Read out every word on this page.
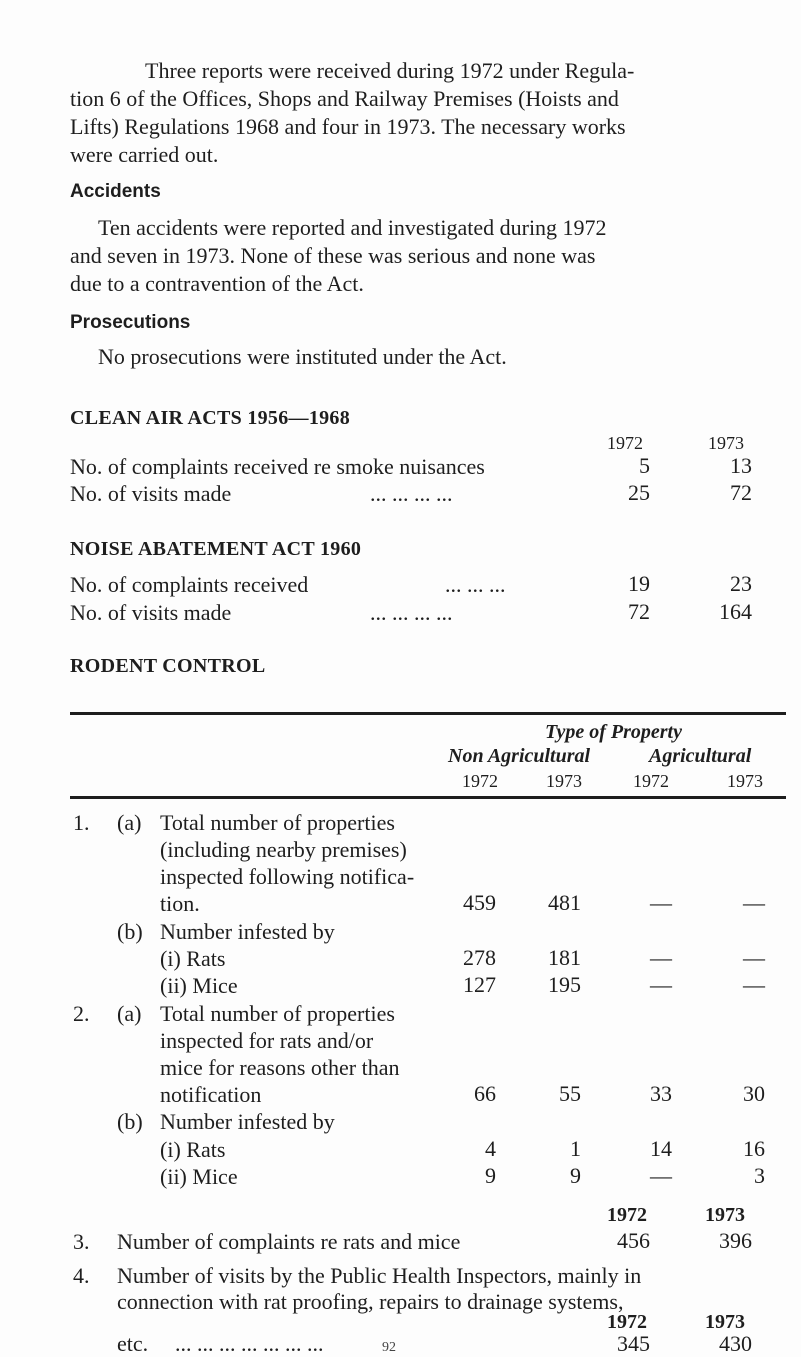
Three reports were received during 1972 under Regula-
tion 6 of the Offices, Shops and Railway Premises (Hoists and
Lifts) Regulations 1968 and four in 1973. The necessary works
were carried out.
Accidents
Ten accidents were reported and investigated during 1972
and seven in 1973. None of these was serious and none was
due to a contravention of the Act.
Prosecutions
No prosecutions were instituted under the Act.
CLEAN AIR ACTS 1956—1968
1972	1973
No. of complaints received re smoke nuisances	5	13
No. of visits made	... ... ... ...	25	72
NOISE ABATEMENT ACT 1960
No. of complaints received	... ... ...	19	23
No. of visits made	... ... ... ...	72	164
RODENT CONTROL
Type of Property
Non Agricultural	Agricultural
1972	1973	1972	1973
1. (a) Total number of properties
(including nearby premises)
inspected following notifica-
tion.	459	481	—	—
(b) Number infested by
(i) Rats	278	181	—	—
(ii) Mice	127	195	—	—
2. (a) Total number of properties
inspected for rats and/or
mice for reasons other than
notification	66	55	33	30
(b) Number infested by
(i) Rats	4	1	14	16
(ii) Mice	9	9	—	3
1972	1973
3. Number of complaints re rats and mice	456	396
4. Number of visits by the Public Health Inspectors, mainly in
connection with rat proofing, repairs to drainage systems,
1972	1973
etc. ... ... ... ... ... ... ...	345	430
92
